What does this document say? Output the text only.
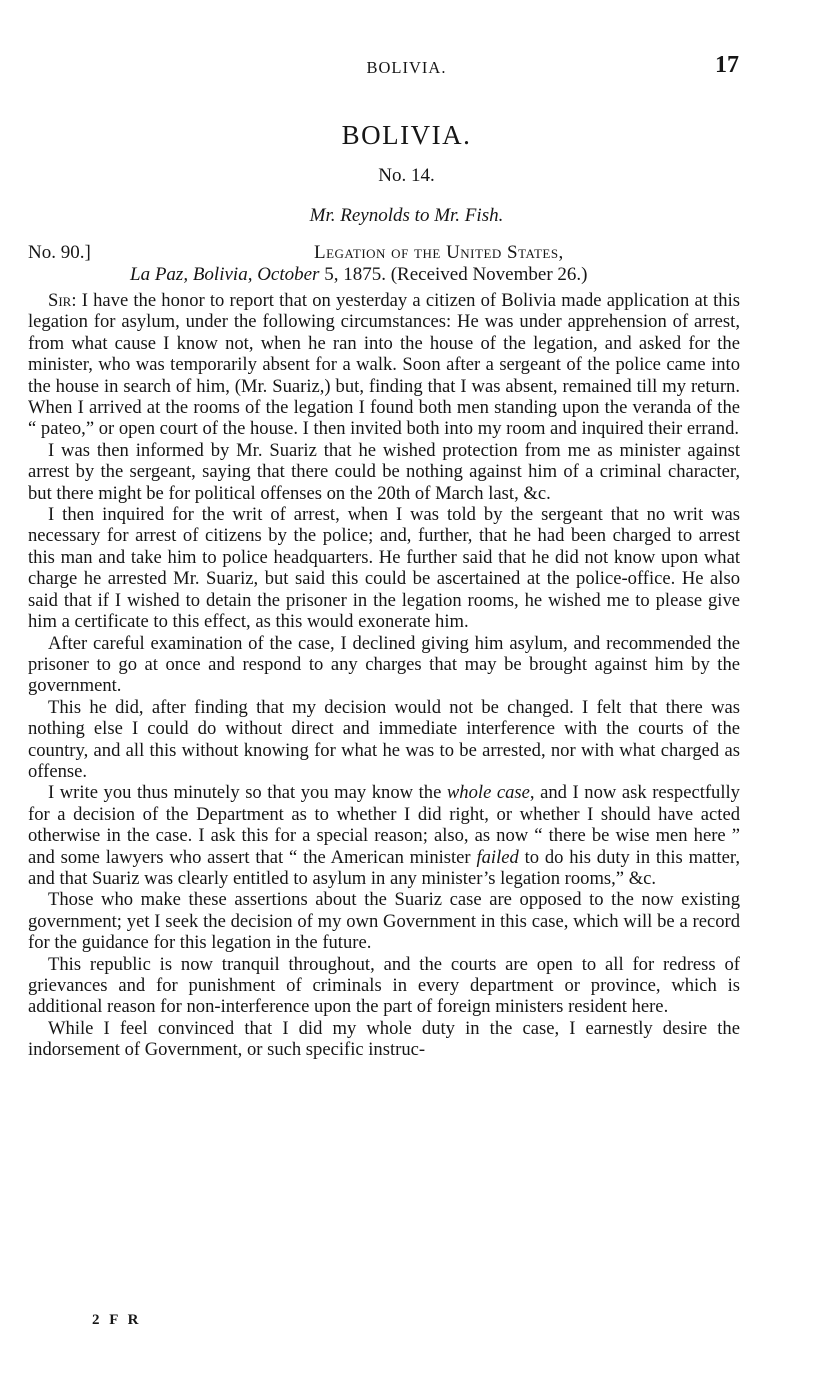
BOLIVIA.	17
BOLIVIA.
No. 14.
Mr. Reynolds to Mr. Fish.
No. 90.]	Legation of the United States,
La Paz, Bolivia, October 5, 1875. (Received November 26.)

Sir: I have the honor to report that on yesterday a citizen of Bolivia made application at this legation for asylum, under the following circumstances: He was under apprehension of arrest, from what cause I know not, when he ran into the house of the legation, and asked for the minister, who was temporarily absent for a walk. Soon after a sergeant of the police came into the house in search of him, (Mr. Suariz,) but, finding that I was absent, remained till my return. When I arrived at the rooms of the legation I found both men standing upon the veranda of the “ pateo,” or open court of the house. I then invited both into my room and inquired their errand.

I was then informed by Mr. Suariz that he wished protection from me as minister against arrest by the sergeant, saying that there could be nothing against him of a criminal character, but there might be for political offenses on the 20th of March last, &c.

I then inquired for the writ of arrest, when I was told by the sergeant that no writ was necessary for arrest of citizens by the police; and, further, that he had been charged to arrest this man and take him to police headquarters. He further said that he did not know upon what charge he arrested Mr. Suariz, but said this could be ascertained at the police-office. He also said that if I wished to detain the prisoner in the legation rooms, he wished me to please give him a certificate to this effect, as this would exonerate him.

After careful examination of the case, I declined giving him asylum, and recommended the prisoner to go at once and respond to any charges that may be brought against him by the government.

This he did, after finding that my decision would not be changed. I felt that there was nothing else I could do without direct and immediate interference with the courts of the country, and all this without knowing for what he was to be arrested, nor with what charged as offense.

I write you thus minutely so that you may know the whole case, and I now ask respectfully for a decision of the Department as to whether I did right, or whether I should have acted otherwise in the case. I ask this for a special reason; also, as now “ there be wise men here ” and some lawyers who assert that “ the American minister failed to do his duty in this matter, and that Suariz was clearly entitled to asylum in any minister’s legation rooms,” &c.

Those who make these assertions about the Suariz case are opposed to the now existing government; yet I seek the decision of my own Government in this case, which will be a record for the guidance for this legation in the future.

This republic is now tranquil throughout, and the courts are open to all for redress of grievances and for punishment of criminals in every department or province, which is additional reason for non-interference upon the part of foreign ministers resident here.

While I feel convinced that I did my whole duty in the case, I earnestly desire the indorsement of Government, or such specific instruc-

2 F R
